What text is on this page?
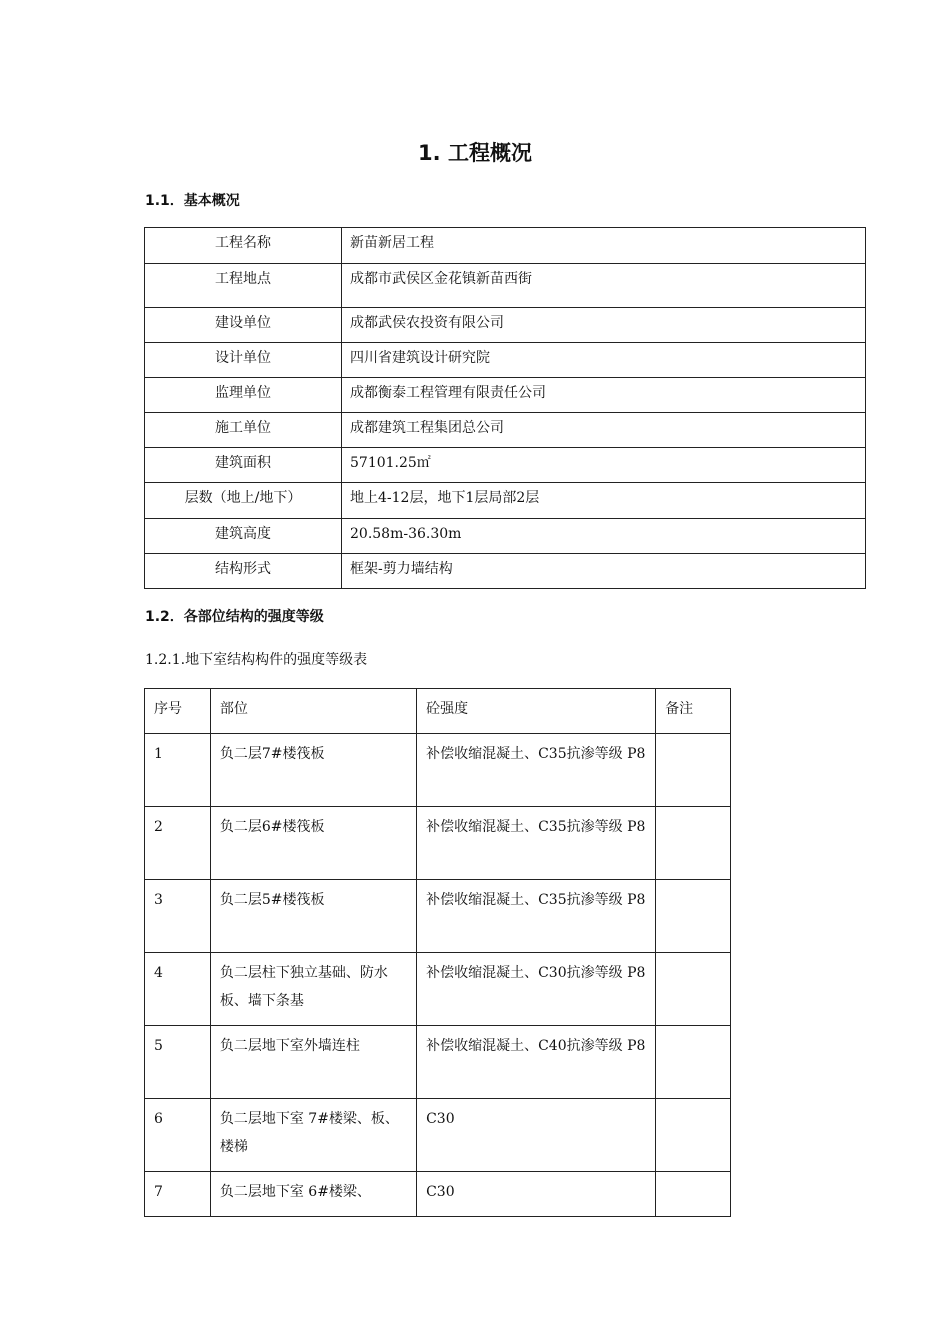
1. 工程概况
1.1．基本概况
工程名称	新苗新居工程
工程地点	成都市武侯区金花镇新苗西街
建设单位	成都武侯农投资有限公司
设计单位	四川省建筑设计研究院
监理单位	成都衡泰工程管理有限责任公司
施工单位	成都建筑工程集团总公司
建筑面积	57101.25㎡
层数（地上/地下）	地上4-12层，地下1层局部2层
建筑高度	20.58m-36.30m
结构形式	框架-剪力墙结构
1.2．各部位结构的强度等级

1.2.1.地下室结构构件的强度等级表

序号	部位	砼强度	备注
1	负二层7#楼筏板	补偿收缩混凝土、C35抗渗等级 P8	
2	负二层6#楼筏板	补偿收缩混凝土、C35抗渗等级 P8	
3	负二层5#楼筏板	补偿收缩混凝土、C35抗渗等级 P8	
4	负二层柱下独立基础、防水板、墙下条基	补偿收缩混凝土、C30抗渗等级 P8	
5	负二层地下室外墙连柱	补偿收缩混凝土、C40抗渗等级 P8	
6	负二层地下室 7#楼梁、板、楼梯	C30	
7	负二层地下室 6#楼梁、	C30	
